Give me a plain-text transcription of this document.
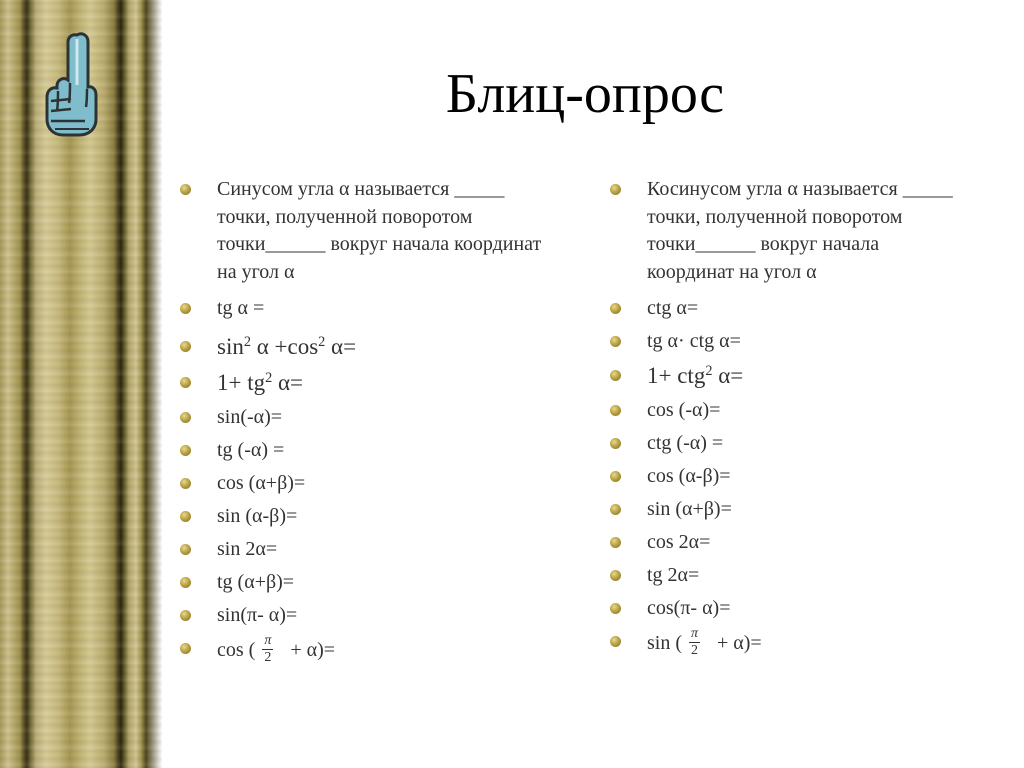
Блиц-опрос
Синусом угла α называется _____ точки, полученной поворотом точки______ вокруг начала координат на угол α
tg α =
$\sin^2 \alpha +\cos^2$ α=
$1+ tg^2$ α=
sin(-α)=
tg (-α) =
cos (α+β)=
sin (α-β)=
sin 2α=
tg (α+β)=
sin(π- α)=
cos ( $\frac{\pi}{2} + \alpha)=$
Косинусом угла α называется _____ точки, полученной поворотом точки______ вокруг начала координат на угол α
ctg α=
tg α· ctg α=
1+ ctg$^2$ α=
cos (-α)=
ctg (-α) =
cos (α-β)=
sin (α+β)=
cos 2α=
tg 2α=
cos(π- α)=
sin ( $\frac{\pi}{2} + \alpha)=$
